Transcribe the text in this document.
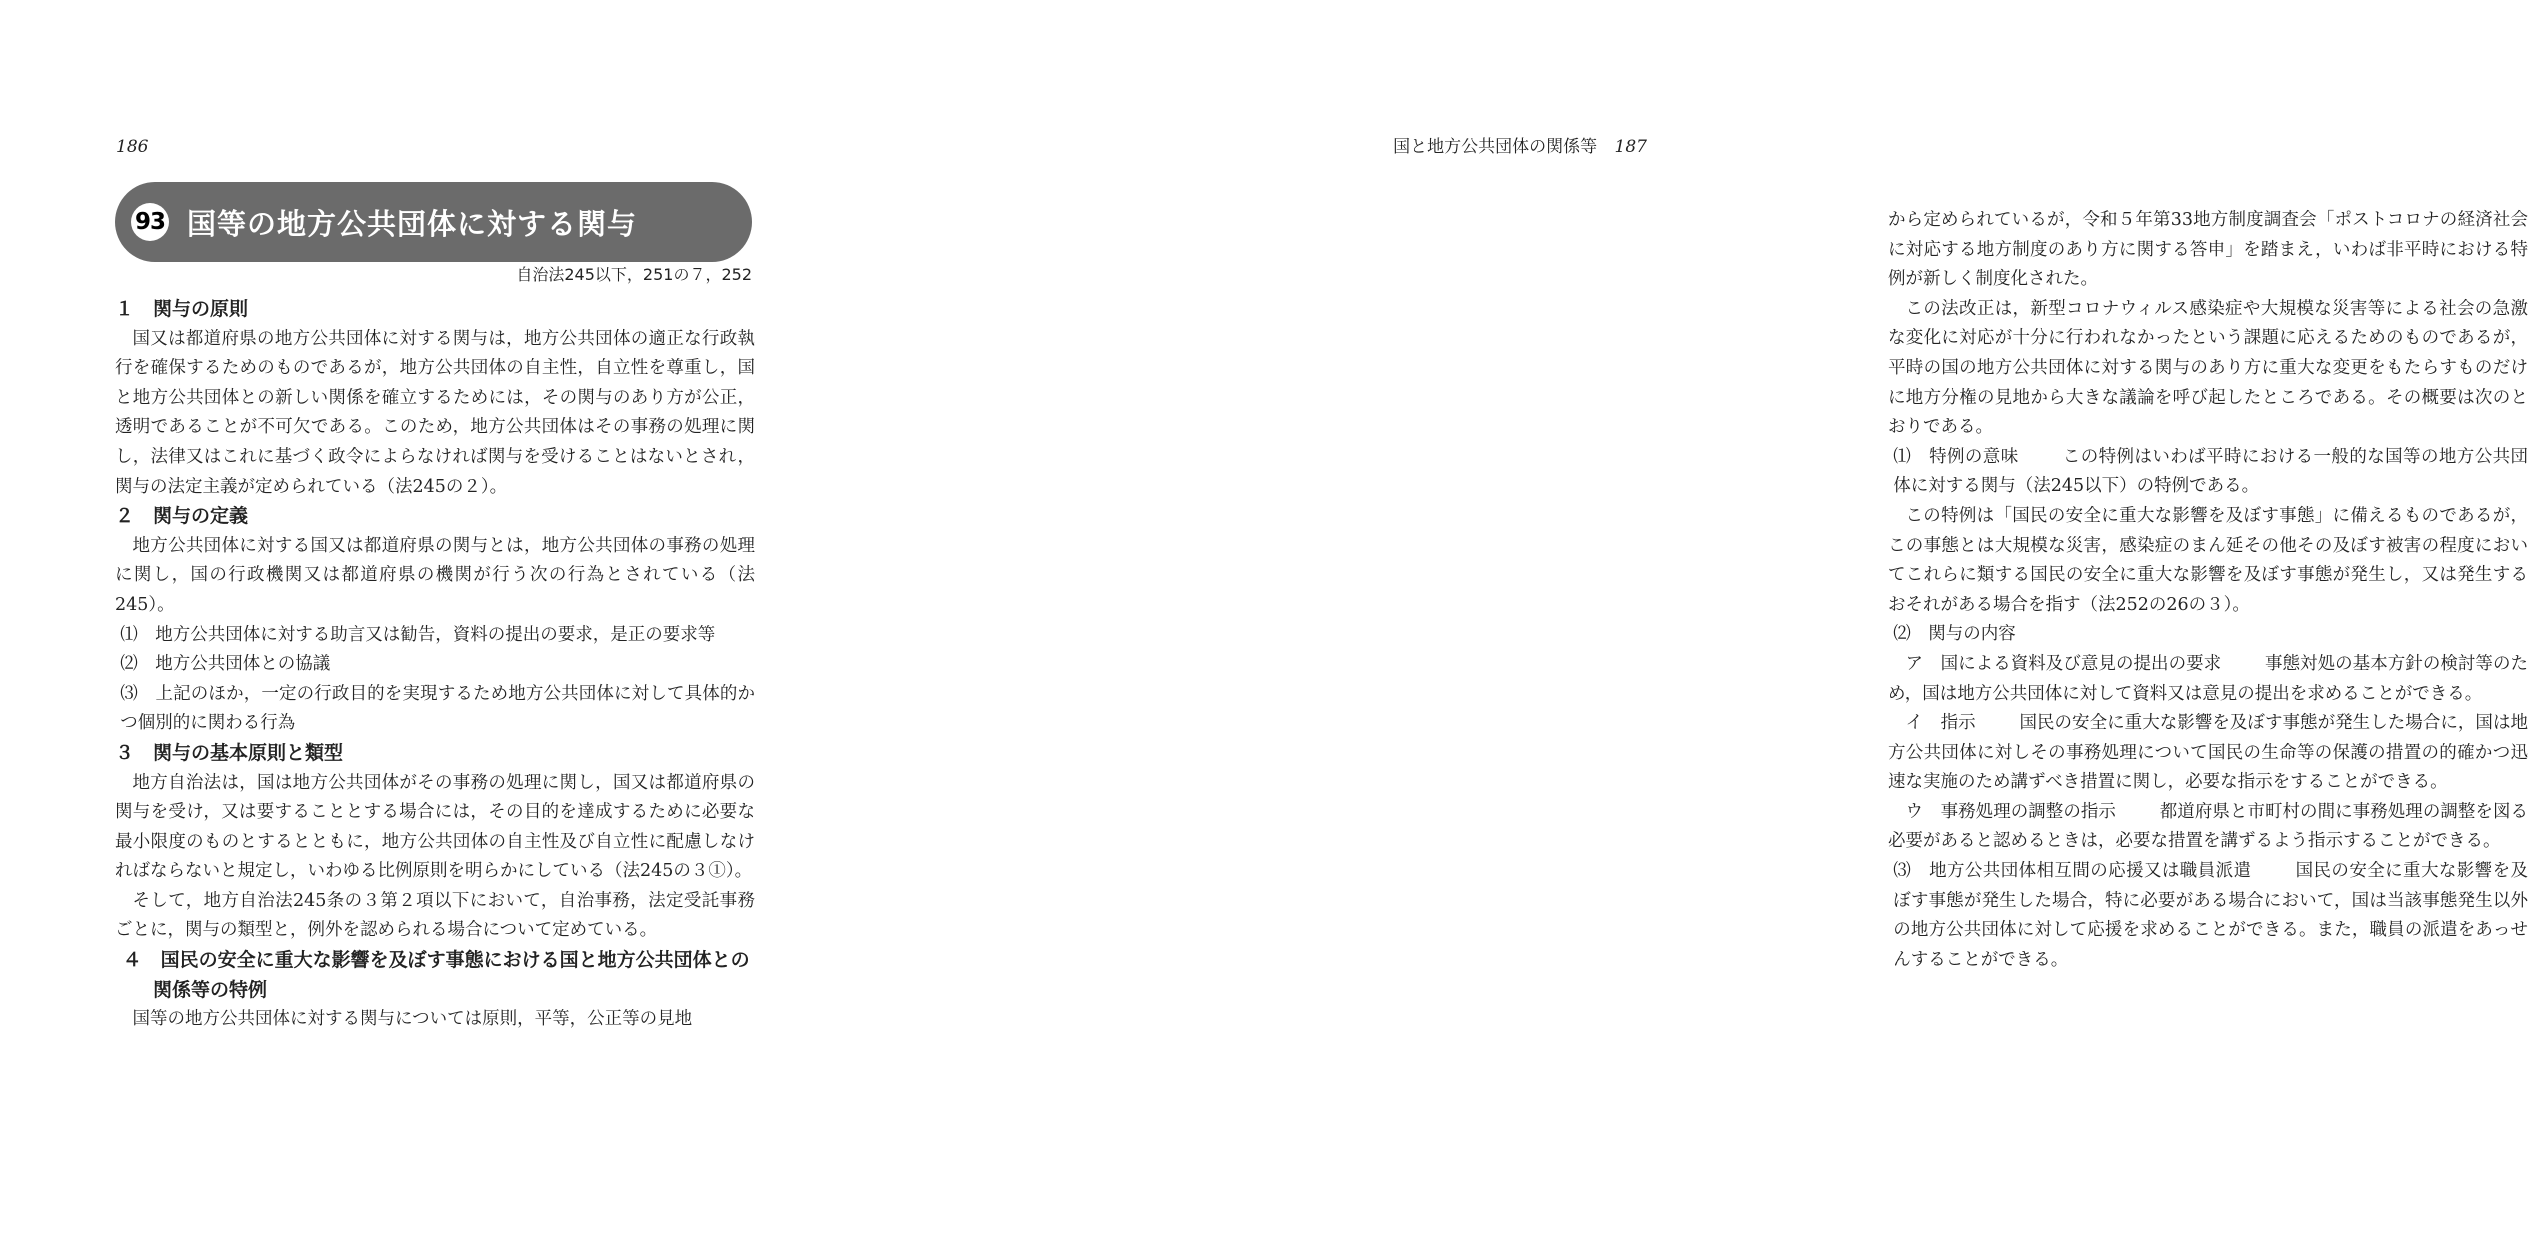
186
93 国等の地方公共団体に対する関与
自治法245以下，251の７，252
１　関与の原則

国又は都道府県の地方公共団体に対する関与は，地方公共団体の適正な行政執行を確保するためのものであるが，地方公共団体の自主性，自立性を尊重し，国と地方公共団体との新しい関係を確立するためには，その関与のあり方が公正，透明であることが不可欠である。このため，地方公共団体はその事務の処理に関し，法律又はこれに基づく政令によらなければ関与を受けることはないとされ，関与の法定主義が定められている（法245の２）。

２　関与の定義

地方公共団体に対する国又は都道府県の関与とは，地方公共団体の事務の処理に関し，国の行政機関又は都道府県の機関が行う次の行為とされている（法245）。

⑴　地方公共団体に対する助言又は勧告，資料の提出の要求，是正の要求等

⑵　地方公共団体との協議

⑶　上記のほか，一定の行政目的を実現するため地方公共団体に対して具体的かつ個別的に関わる行為

３　関与の基本原則と類型

地方自治法は，国は地方公共団体がその事務の処理に関し，国又は都道府県の関与を受け，又は要することとする場合には，その目的を達成するために必要な最小限度のものとするとともに，地方公共団体の自主性及び自立性に配慮しなければならないと規定し，いわゆる比例原則を明らかにしている（法245の３①）。

そして，地方自治法245条の３第２項以下において，自治事務，法定受託事務ごとに，関与の類型と，例外を認められる場合について定めている。

４　国民の安全に重大な影響を及ぼす事態における国と地方公共団体との関係等の特例

国等の地方公共団体に対する関与については原則，平等，公正等の見地

国と地方公共団体の関係等 187

から定められているが，令和５年第33地方制度調査会「ポストコロナの経済社会に対応する地方制度のあり方に関する答申」を踏まえ，いわば非平時における特例が新しく制度化された。

この法改正は，新型コロナウィルス感染症や大規模な災害等による社会の急激な変化に対応が十分に行われなかったという課題に応えるためのものであるが，平時の国の地方公共団体に対する関与のあり方に重大な変更をもたらすものだけに地方分権の見地から大きな議論を呼び起したところである。その概要は次のとおりである。

⑴　特例の意味	この特例はいわば平時における一般的な国等の地方公共団体に対する関与（法245以下）の特例である。

この特例は「国民の安全に重大な影響を及ぼす事態」に備えるものであるが，この事態とは大規模な災害，感染症のまん延その他その及ぼす被害の程度においてこれらに類する国民の安全に重大な影響を及ぼす事態が発生し，又は発生するおそれがある場合を指す（法252の26の３）。

⑵　関与の内容

ア　国による資料及び意見の提出の要求	事態対処の基本方針の検討等のため，国は地方公共団体に対して資料又は意見の提出を求めることができる。

イ　指示	国民の安全に重大な影響を及ぼす事態が発生した場合に，国は地方公共団体に対しその事務処理について国民の生命等の保護の措置の的確かつ迅速な実施のため講ずべき措置に関し，必要な指示をすることができる。

ウ　事務処理の調整の指示	都道府県と市町村の間に事務処理の調整を図る必要があると認めるときは，必要な措置を講ずるよう指示することができる。

⑶　地方公共団体相互間の応援又は職員派遣	国民の安全に重大な影響を及ぼす事態が発生した場合，特に必要がある場合において，国は当該事態発生以外の地方公共団体に対して応援を求めることができる。また，職員の派遣をあっせんすることができる。
